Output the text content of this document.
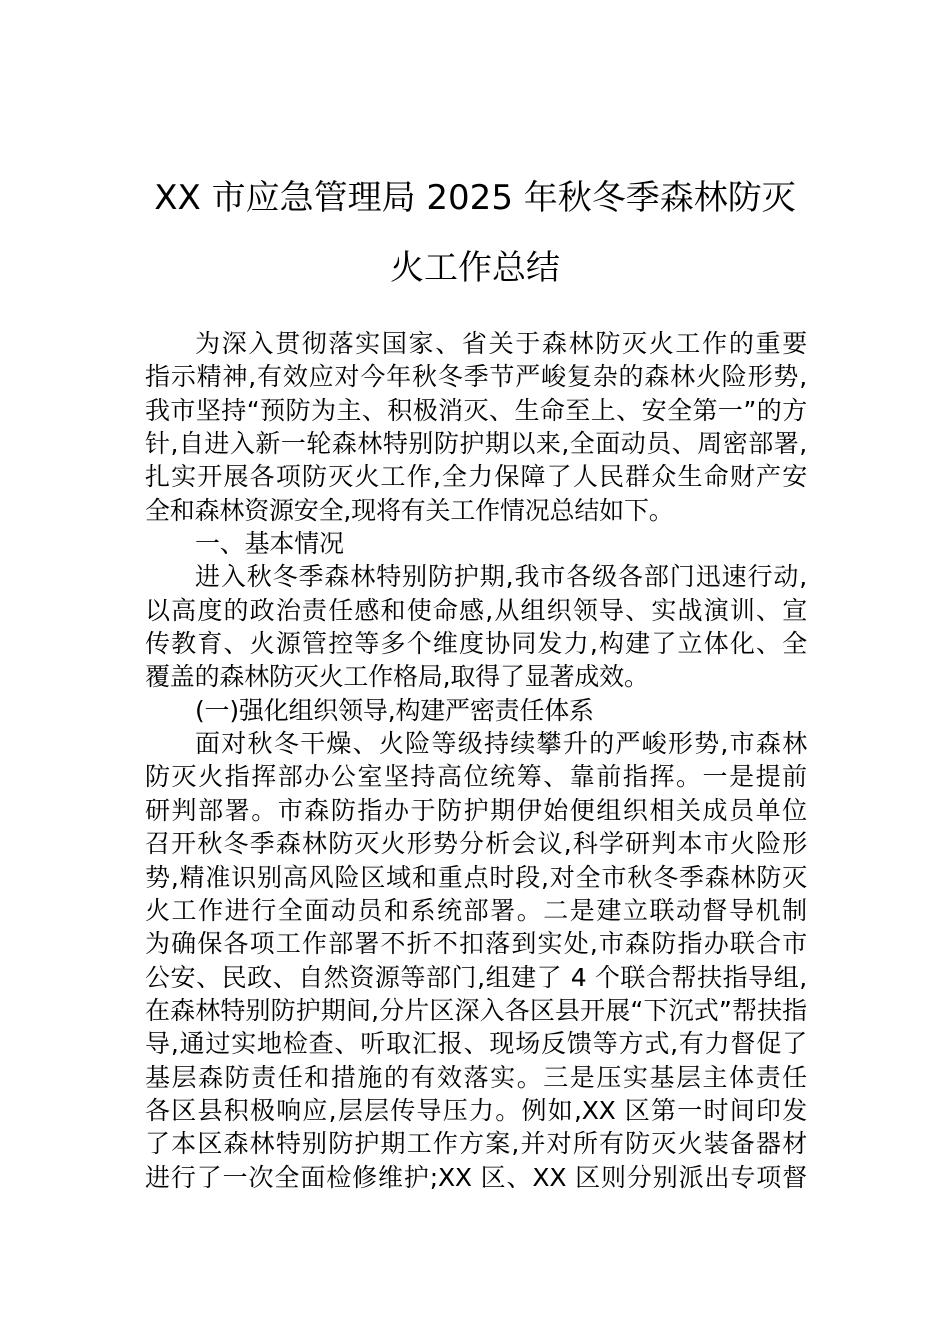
XX 市应急管理局 2025 年秋冬季森林防灭
火工作总结
为深入贯彻落实国家、省关于森林防灭火工作的重要
指示精神,有效应对今年秋冬季节严峻复杂的森林火险形势,
我市坚持“预防为主、积极消灭、生命至上、安全第一”的方
针,自进入新一轮森林特别防护期以来,全面动员、周密部署,
扎实开展各项防灭火工作,全力保障了人民群众生命财产安
全和森林资源安全,现将有关工作情况总结如下。
一、基本情况
进入秋冬季森林特别防护期,我市各级各部门迅速行动,
以高度的政治责任感和使命感,从组织领导、实战演训、宣
传教育、火源管控等多个维度协同发力,构建了立体化、全
覆盖的森林防灭火工作格局,取得了显著成效。
(一)强化组织领导,构建严密责任体系
面对秋冬干燥、火险等级持续攀升的严峻形势,市森林
防灭火指挥部办公室坚持高位统筹、靠前指挥。一是提前
研判部署。市森防指办于防护期伊始便组织相关成员单位
召开秋冬季森林防灭火形势分析会议,科学研判本市火险形
势,精准识别高风险区域和重点时段,对全市秋冬季森林防灭
火工作进行全面动员和系统部署。二是建立联动督导机制
为确保各项工作部署不折不扣落到实处,市森防指办联合市
公安、民政、自然资源等部门,组建了 4 个联合帮扶指导组,
在森林特别防护期间,分片区深入各区县开展“下沉式”帮扶指
导,通过实地检查、听取汇报、现场反馈等方式,有力督促了
基层森防责任和措施的有效落实。三是压实基层主体责任
各区县积极响应,层层传导压力。例如,XX 区第一时间印发
了本区森林特别防护期工作方案,并对所有防灭火装备器材
进行了一次全面检修维护;XX 区、XX 区则分别派出专项督
